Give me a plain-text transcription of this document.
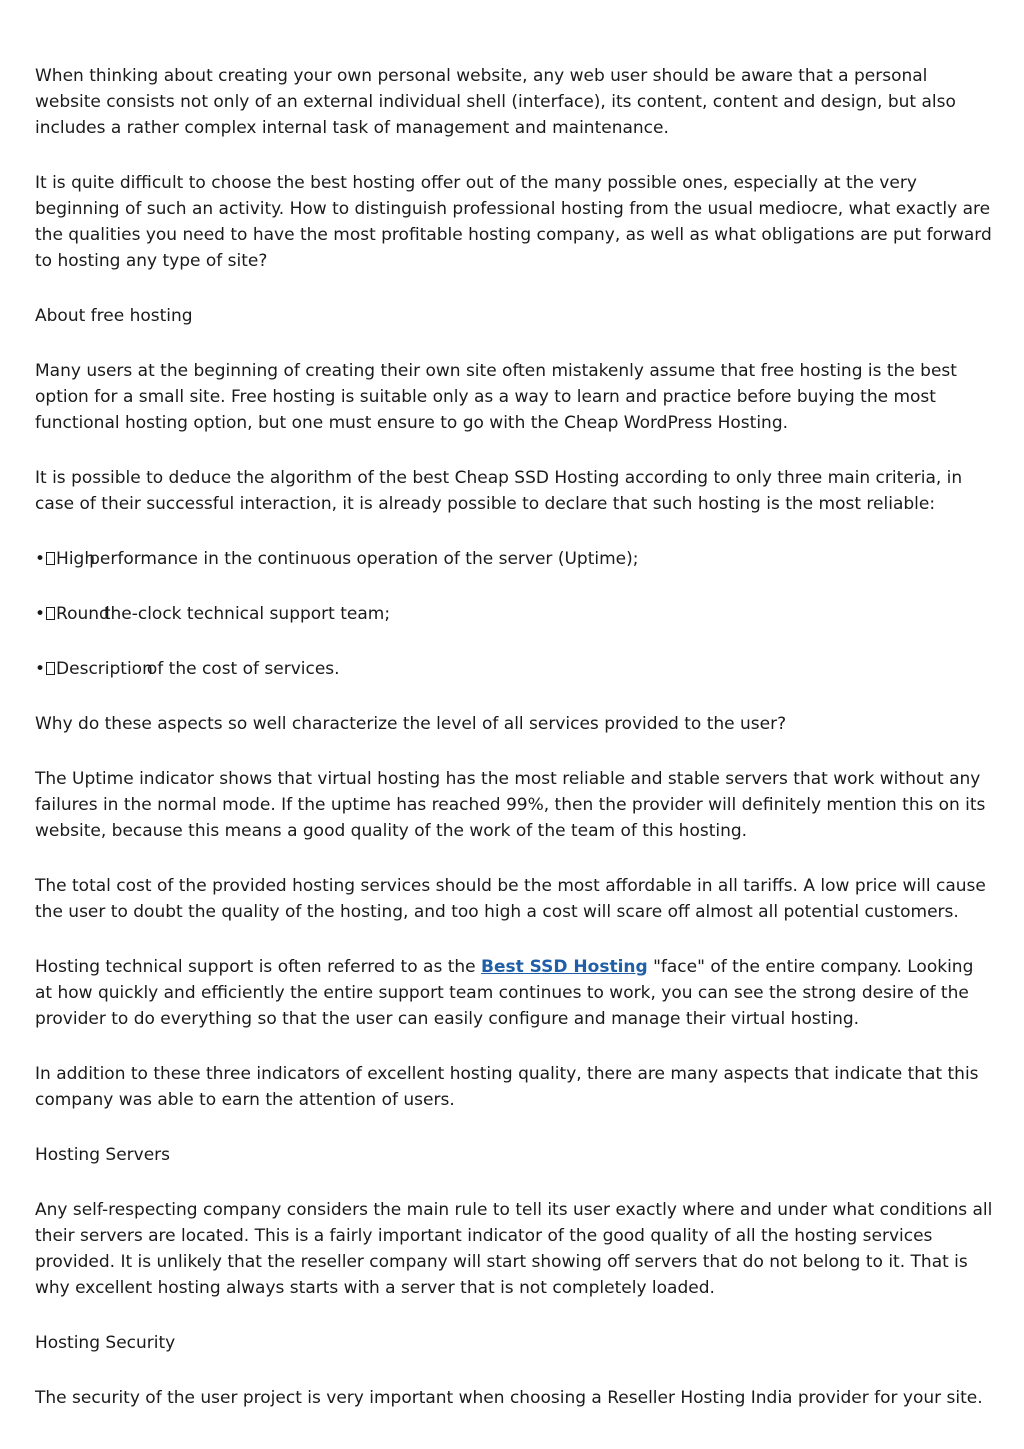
When thinking about creating your own personal website, any web user should be aware that a personal website consists not only of an external individual shell (interface), its content, content and design, but also includes a rather complex internal task of management and maintenance.

It is quite difficult to choose the best hosting offer out of the many possible ones, especially at the very beginning of such an activity. How to distinguish professional hosting from the usual mediocre, what exactly are the qualities you need to have the most profitable hosting company, as well as what obligations are put forward to hosting any type of site?

About free hosting

Many users at the beginning of creating their own site often mistakenly assume that free hosting is the best option for a small site. Free hosting is suitable only as a way to learn and practice before buying the most functional hosting option, but one must ensure to go with the Cheap WordPress Hosting.

It is possible to deduce the algorithm of the best Cheap SSD Hosting according to only three main criteria, in case of their successful interaction, it is already possible to declare that such hosting is the most reliable:

• Highperformance in the continuous operation of the server (Uptime);

• Roundthe-clock technical support team;

• Descriptionof the cost of services.

Why do these aspects so well characterize the level of all services provided to the user?

The Uptime indicator shows that virtual hosting has the most reliable and stable servers that work without any failures in the normal mode. If the uptime has reached 99%, then the provider will definitely mention this on its website, because this means a good quality of the work of the team of this hosting.

The total cost of the provided hosting services should be the most affordable in all tariffs. A low price will cause the user to doubt the quality of the hosting, and too high a cost will scare off almost all potential customers.

Hosting technical support is often referred to as the Best SSD Hosting "face" of the entire company. Looking at how quickly and efficiently the entire support team continues to work, you can see the strong desire of the provider to do everything so that the user can easily configure and manage their virtual hosting.

In addition to these three indicators of excellent hosting quality, there are many aspects that indicate that this company was able to earn the attention of users.

Hosting Servers

Any self-respecting company considers the main rule to tell its user exactly where and under what conditions all their servers are located. This is a fairly important indicator of the good quality of all the hosting services provided. It is unlikely that the reseller company will start showing off servers that do not belong to it. That is why excellent hosting always starts with a server that is not completely loaded.

Hosting Security

The security of the user project is very important when choosing a Reseller Hosting India provider for your site.
